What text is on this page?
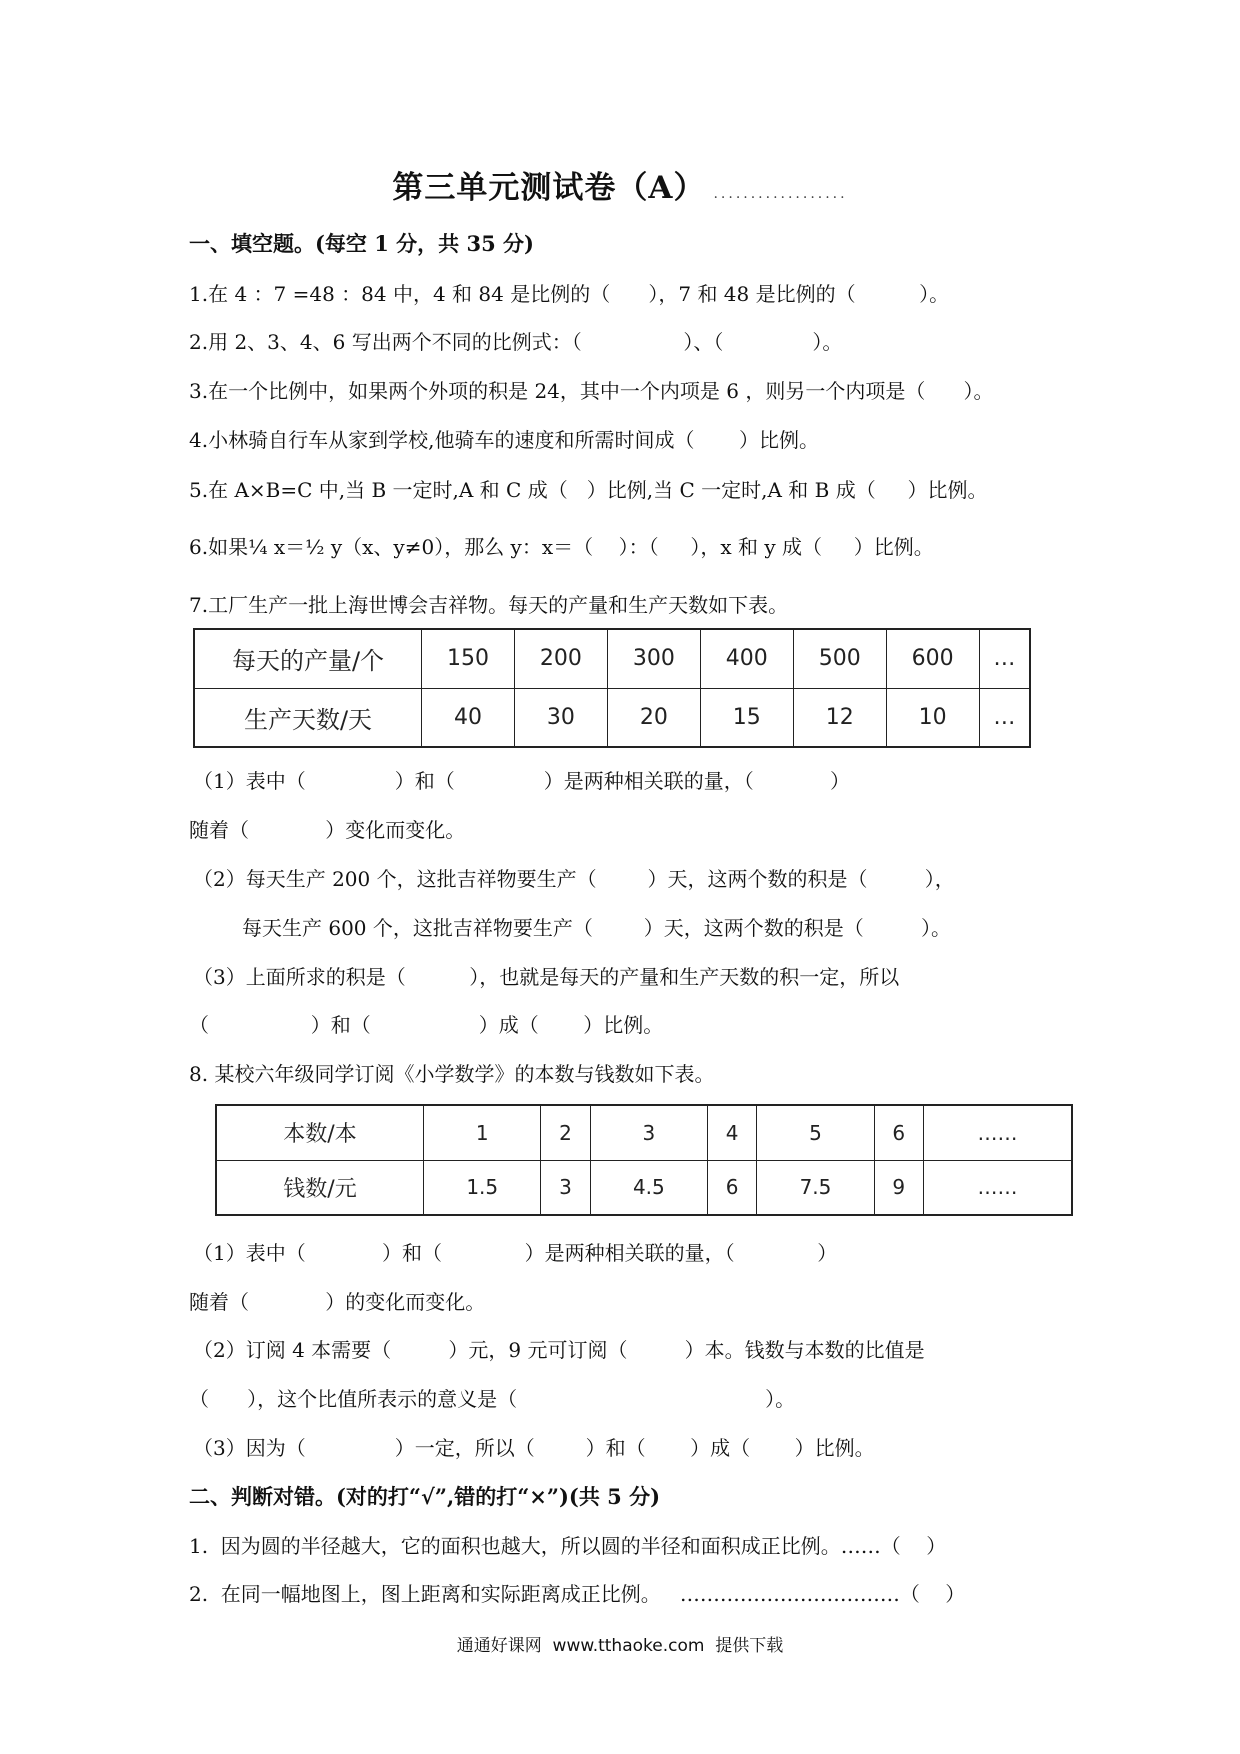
第三单元测试卷（A） ..................
一、填空题。(每空 1 分，共 35 分)
1.在 4 ：7 =48 ：84 中，4 和 84 是比例的（      ），7 和 48 是比例的（          ）。
2.用 2、3、4、6 写出两个不同的比例式：（                ）、（              ）。
3.在一个比例中，如果两个外项的积是 24，其中一个内项是 6 ，则另一个内项是（      ）。
4.小林骑自行车从家到学校,他骑车的速度和所需时间成（       ）比例。
5.在 A×B=C 中,当 B 一定时,A 和 C 成（   ）比例,当 C 一定时,A 和 B 成（     ）比例。
6.如果¼ x＝½ y（x、y≠0），那么 y：x＝（    ）：（     ），x 和 y 成（     ）比例。
7.工厂生产一批上海世博会吉祥物。每天的产量和生产天数如下表。
每天的产量/个	150	200	300	400	500	600	…
生产天数/天	40	30	20	15	12	10	…
（1）表中（              ）和（              ）是两种相关联的量，（            ）
随着（            ）变化而变化。
（2）每天生产 200 个，这批吉祥物要生产（        ）天，这两个数的积是（         ），
每天生产 600 个，这批吉祥物要生产（        ）天，这两个数的积是（         ）。
（3）上面所求的积是（          ），也就是每天的产量和生产天数的积一定，所以
（                ）和（                 ）成（       ）比例。
8. 某校六年级同学订阅《小学数学》的本数与钱数如下表。
本数/本	1	2	3	4	5	6	……
钱数/元	1.5	3	4.5	6	7.5	9	……
（1）表中（            ）和（             ）是两种相关联的量，（             ）
随着（            ）的变化而变化。
（2）订阅 4 本需要（         ）元，9 元可订阅（         ）本。钱数与本数的比值是
（      ），这个比值所表示的意义是（                                       ）。
（3）因为（              ）一定，所以（        ）和（       ）成（       ）比例。
二、判断对错。(对的打“√”,错的打“×”)(共 5 分)
1.  因为圆的半径越大，它的面积也越大，所以圆的半径和面积成正比例。……（    ）
2.  在同一幅地图上，图上距离和实际距离成正比例。   ……………………………（    ）
通通好课网  www.tthaoke.com  提供下载
